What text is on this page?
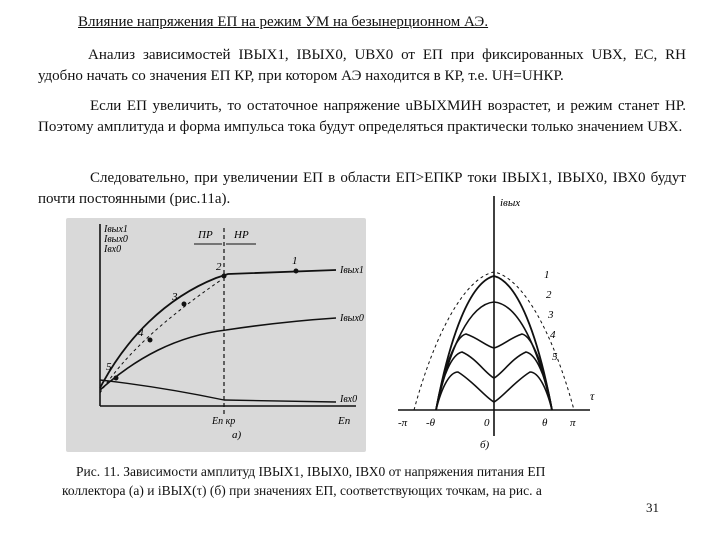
Влияние напряжения ЕП на режим УМ на безынерционном АЭ.

Анализ зависимостей IВЫХ1, IВЫХ0, UВХ0 от ЕП при фиксированных UВХ, ЕС, RН удобно начать со значения ЕП КР, при котором АЭ находится в КР, т.е. UН=UНКР.

Если ЕП увеличить, то остаточное напряжение uВЫХМИН возрастет, и режим станет НР. Поэтому амплитуда и форма импульса тока будут определяться практически только значением UВХ.

Следовательно, при увеличении ЕП в области ЕП>ЕПКР токи IВЫХ1, IВЫХ0, IВХ0 будут почти постоянными (рис.11а).

Iвых1
Iвых0
Iвх0
ПР НР
1
2
3
4
5
Iвых1
Iвых0
Iвх0
Еп кр	Еп
а)
iвых
τ
1
2
3
4
5
-π -θ	θ π
0
б)

Рис. 11. Зависимости амплитуд IВЫХ1, IВЫХ0, IВХ0 от напряжения питания ЕП
коллектора (а) и iВЫХ(τ) (б) при значениях ЕП, соответствующих точкам, на рис. а

31
